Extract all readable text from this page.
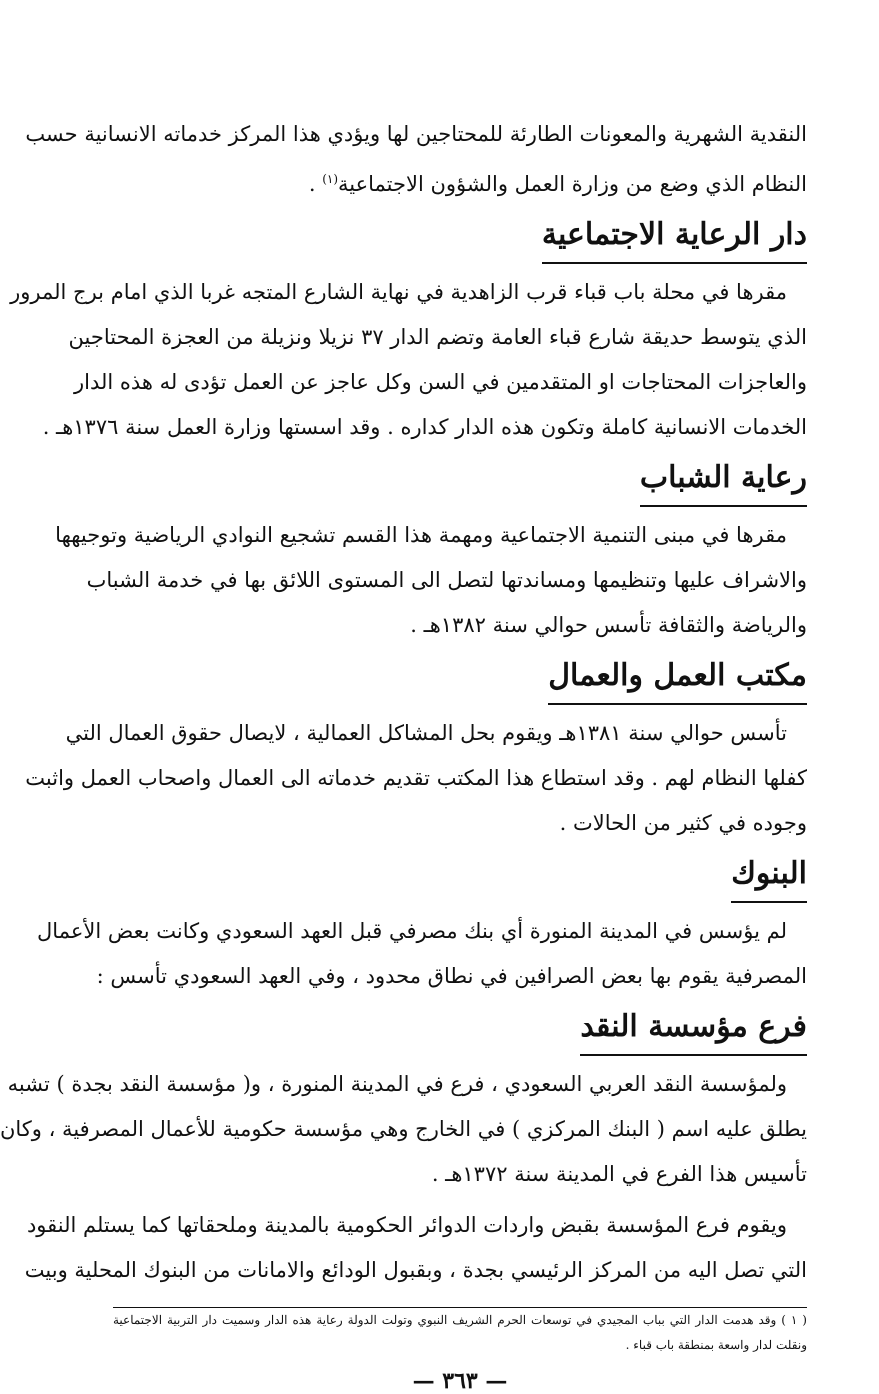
النقدية الشهرية والمعونات الطارئة للمحتاجين لها ويؤدي هذا المركز خدماته الانسانية حسب
النظام الذي وضع من وزارة العمل والشؤون الاجتماعية$^{(١)}$ .
دار الرعاية الاجتماعية
مقرها في محلة باب قباء قرب الزاهدية في نهاية الشارع المتجه غربا الذي امام برج المرور
الذي يتوسط حديقة شارع قباء العامة وتضم الدار ٣٧ نزيلا ونزيلة من العجزة المحتاجين
والعاجزات المحتاجات او المتقدمين في السن وكل عاجز عن العمل تؤدى له هذه الدار
الخدمات الانسانية كاملة وتكون هذه الدار كداره . وقد اسستها وزارة العمل سنة ١٣٧٦هـ .
رعاية الشباب
مقرها في مبنى التنمية الاجتماعية ومهمة هذا القسم تشجيع النوادي الرياضية وتوجيهها
والاشراف عليها وتنظيمها ومساندتها لتصل الى المستوى اللائق بها في خدمة الشباب
والرياضة والثقافة تأسس حوالي سنة ١٣٨٢هـ .
مكتب العمل والعمال
تأسس حوالي سنة ١٣٨١هـ ويقوم بحل المشاكل العمالية ، لايصال حقوق العمال التي
كفلها النظام لهم . وقد استطاع هذا المكتب تقديم خدماته الى العمال واصحاب العمل واثبت
وجوده في كثير من الحالات .
البنوك
لم يؤسس في المدينة المنورة أي بنك مصرفي قبل العهد السعودي وكانت بعض الأعمال
المصرفية يقوم بها بعض الصرافين في نطاق محدود ، وفي العهد السعودي تأسس :
فرع مؤسسة النقد
ولمؤسسة النقد العربي السعودي ، فرع في المدينة المنورة ، و( مؤسسة النقد بجدة ) تشبه
يطلق عليه اسم ( البنك المركزي ) في الخارج وهي مؤسسة حكومية للأعمال المصرفية ، وكان
تأسيس هذا الفرع في المدينة سنة ١٣٧٢هـ .
ويقوم فرع المؤسسة بقبض واردات الدوائر الحكومية بالمدينة وملحقاتها كما يستلم النقود
التي تصل اليه من المركز الرئيسي بجدة ، وبقبول الودائع والامانات من البنوك المحلية وبيت
( ١ ) وقد هدمت الدار التي بباب المجيدي في توسعات الحرم الشريف النبوي وتولت الدولة رعاية هذه الدار وسميت دار التربية الاجتماعية
ونقلت لدار واسعة بمنطقة باب قباء .
— ٣٦٣ —
